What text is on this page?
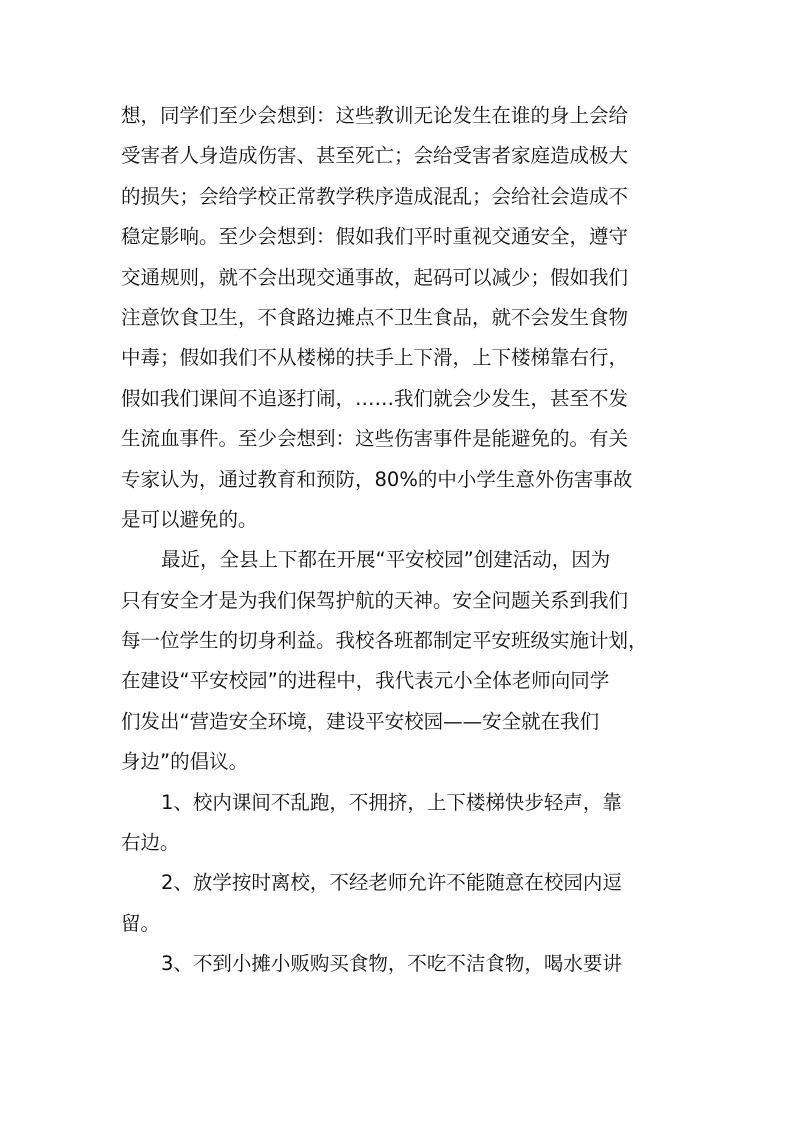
想，同学们至少会想到：这些教训无论发生在谁的身上会给
受害者人身造成伤害、甚至死亡；会给受害者家庭造成极大
的损失；会给学校正常教学秩序造成混乱；会给社会造成不
稳定影响。至少会想到：假如我们平时重视交通安全，遵守
交通规则，就不会出现交通事故，起码可以减少；假如我们
注意饮食卫生，不食路边摊点不卫生食品，就不会发生食物
中毒；假如我们不从楼梯的扶手上下滑，上下楼梯靠右行，
假如我们课间不追逐打闹，……我们就会少发生，甚至不发
生流血事件。至少会想到：这些伤害事件是能避免的。有关
专家认为，通过教育和预防，80%的中小学生意外伤害事故
是可以避免的。
最近，全县上下都在开展“平安校园”创建活动，因为
只有安全才是为我们保驾护航的天神。安全问题关系到我们
每一位学生的切身利益。我校各班都制定平安班级实施计划，
在建设“平安校园”的进程中，我代表元小全体老师向同学
们发出“营造安全环境，建设平安校园——安全就在我们
身边”的倡议。
1、校内课间不乱跑，不拥挤，上下楼梯快步轻声，靠
右边。
2、放学按时离校，不经老师允许不能随意在校园内逗
留。
3、不到小摊小贩购买食物，不吃不洁食物，喝水要讲
